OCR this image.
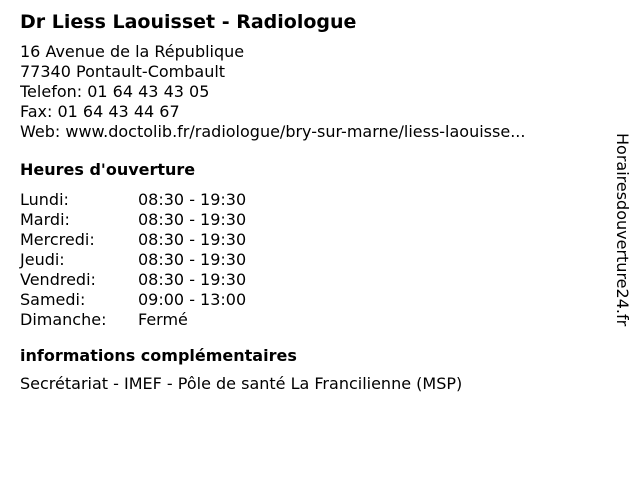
Dr Liess Laouisset - Radiologue
16 Avenue de la République
77340 Pontault-Combault
Telefon: 01 64 43 43 05
Fax: 01 64 43 44 67
Web: www.doctolib.fr/radiologue/bry-sur-marne/liess-laouisse...
Heures d'ouverture
Lundi:	08:30 - 19:30
Mardi:	08:30 - 19:30
Mercredi:	08:30 - 19:30
Jeudi:	08:30 - 19:30
Vendredi:	08:30 - 19:30
Samedi:	09:00 - 13:00
Dimanche:	Fermé
informations complémentaires
Secrétariat - IMEF - Pôle de santé La Francilienne (MSP)
Horairesdouverture24.fr
